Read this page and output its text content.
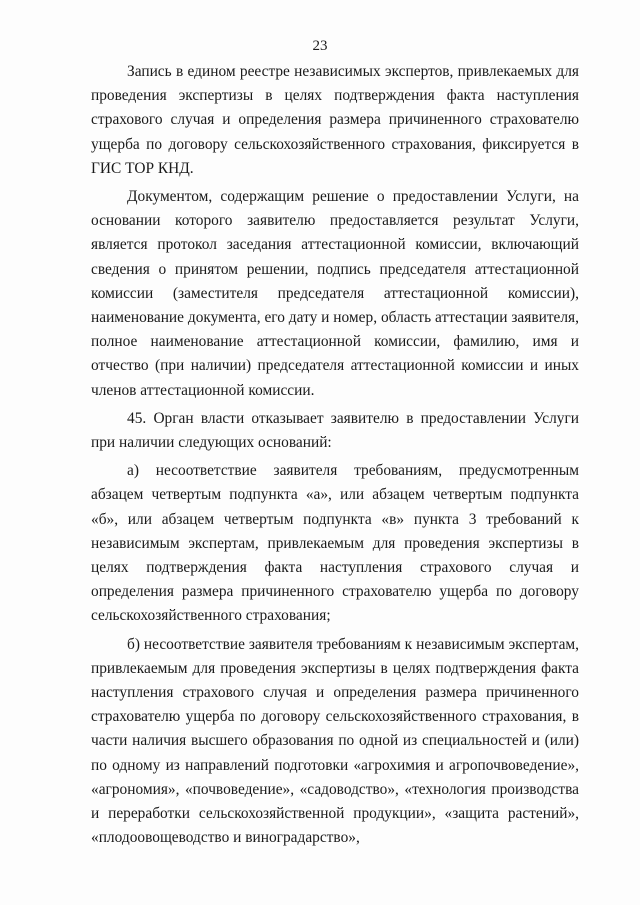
23

Запись в едином реестре независимых экспертов, привлекаемых для проведения экспертизы в целях подтверждения факта наступления страхового случая и определения размера причиненного страхователю ущерба по договору сельскохозяйственного страхования, фиксируется в ГИС ТОР КНД.

Документом, содержащим решение о предоставлении Услуги, на основании которого заявителю предоставляется результат Услуги, является протокол заседания аттестационной комиссии, включающий сведения о принятом решении, подпись председателя аттестационной комиссии (заместителя председателя аттестационной комиссии), наименование документа, его дату и номер, область аттестации заявителя, полное наименование аттестационной комиссии, фамилию, имя и отчество (при наличии) председателя аттестационной комиссии и иных членов аттестационной комиссии.

45. Орган власти отказывает заявителю в предоставлении Услуги при наличии следующих оснований:

а) несоответствие заявителя требованиям, предусмотренным абзацем четвертым подпункта «а», или абзацем четвертым подпункта «б», или абзацем четвертым подпункта «в» пункта 3 требований к независимым экспертам, привлекаемым для проведения экспертизы в целях подтверждения факта наступления страхового случая и определения размера причиненного страхователю ущерба по договору сельскохозяйственного страхования;

б) несоответствие заявителя требованиям к независимым экспертам, привлекаемым для проведения экспертизы в целях подтверждения факта наступления страхового случая и определения размера причиненного страхователю ущерба по договору сельскохозяйственного страхования, в части наличия высшего образования по одной из специальностей и (или) по одному из направлений подготовки «агрохимия и агропочвоведение», «агрономия», «почвоведение», «садоводство», «технология производства и переработки сельскохозяйственной продукции», «защита растений», «плодоовощеводство и виноградарство»,
